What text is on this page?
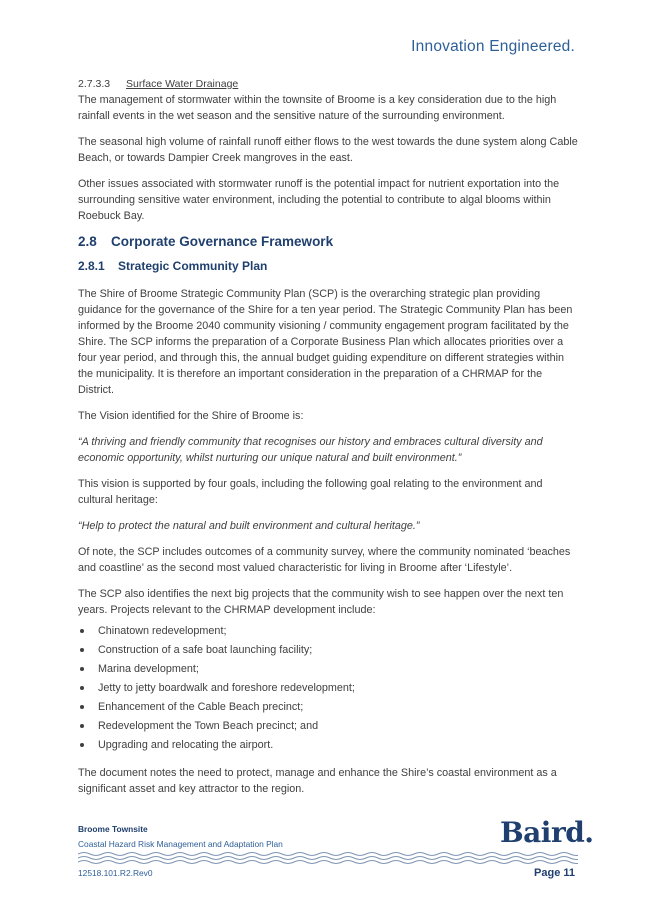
Innovation Engineered.

2.7.3.3 Surface Water Drainage

The management of stormwater within the townsite of Broome is a key consideration due to the high rainfall events in the wet season and the sensitive nature of the surrounding environment.

The seasonal high volume of rainfall runoff either flows to the west towards the dune system along Cable Beach, or towards Dampier Creek mangroves in the east.

Other issues associated with stormwater runoff is the potential impact for nutrient exportation into the surrounding sensitive water environment, including the potential to contribute to algal blooms within Roebuck Bay.

2.8 Corporate Governance Framework

2.8.1 Strategic Community Plan

The Shire of Broome Strategic Community Plan (SCP) is the overarching strategic plan providing guidance for the governance of the Shire for a ten year period. The Strategic Community Plan has been informed by the Broome 2040 community visioning / community engagement program facilitated by the Shire. The SCP informs the preparation of a Corporate Business Plan which allocates priorities over a four year period, and through this, the annual budget guiding expenditure on different strategies within the municipality. It is therefore an important consideration in the preparation of a CHRMAP for the District.

The Vision identified for the Shire of Broome is:

“A thriving and friendly community that recognises our history and embraces cultural diversity and economic opportunity, whilst nurturing our unique natural and built environment.”

This vision is supported by four goals, including the following goal relating to the environment and cultural heritage:

“Help to protect the natural and built environment and cultural heritage.”

Of note, the SCP includes outcomes of a community survey, where the community nominated ‘beaches and coastline’ as the second most valued characteristic for living in Broome after ‘Lifestyle’.

The SCP also identifies the next big projects that the community wish to see happen over the next ten years. Projects relevant to the CHRMAP development include:

Chinatown redevelopment;
Construction of a safe boat launching facility;
Marina development;
Jetty to jetty boardwalk and foreshore redevelopment;
Enhancement of the Cable Beach precinct;
Redevelopment the Town Beach precinct; and
Upgrading and relocating the airport.

The document notes the need to protect, manage and enhance the Shire’s coastal environment as a significant asset and key attractor to the region.

Broome Townsite
Coastal Hazard Risk Management and Adaptation Plan	Baird.
12518.101.R2.Rev0	Page 11
